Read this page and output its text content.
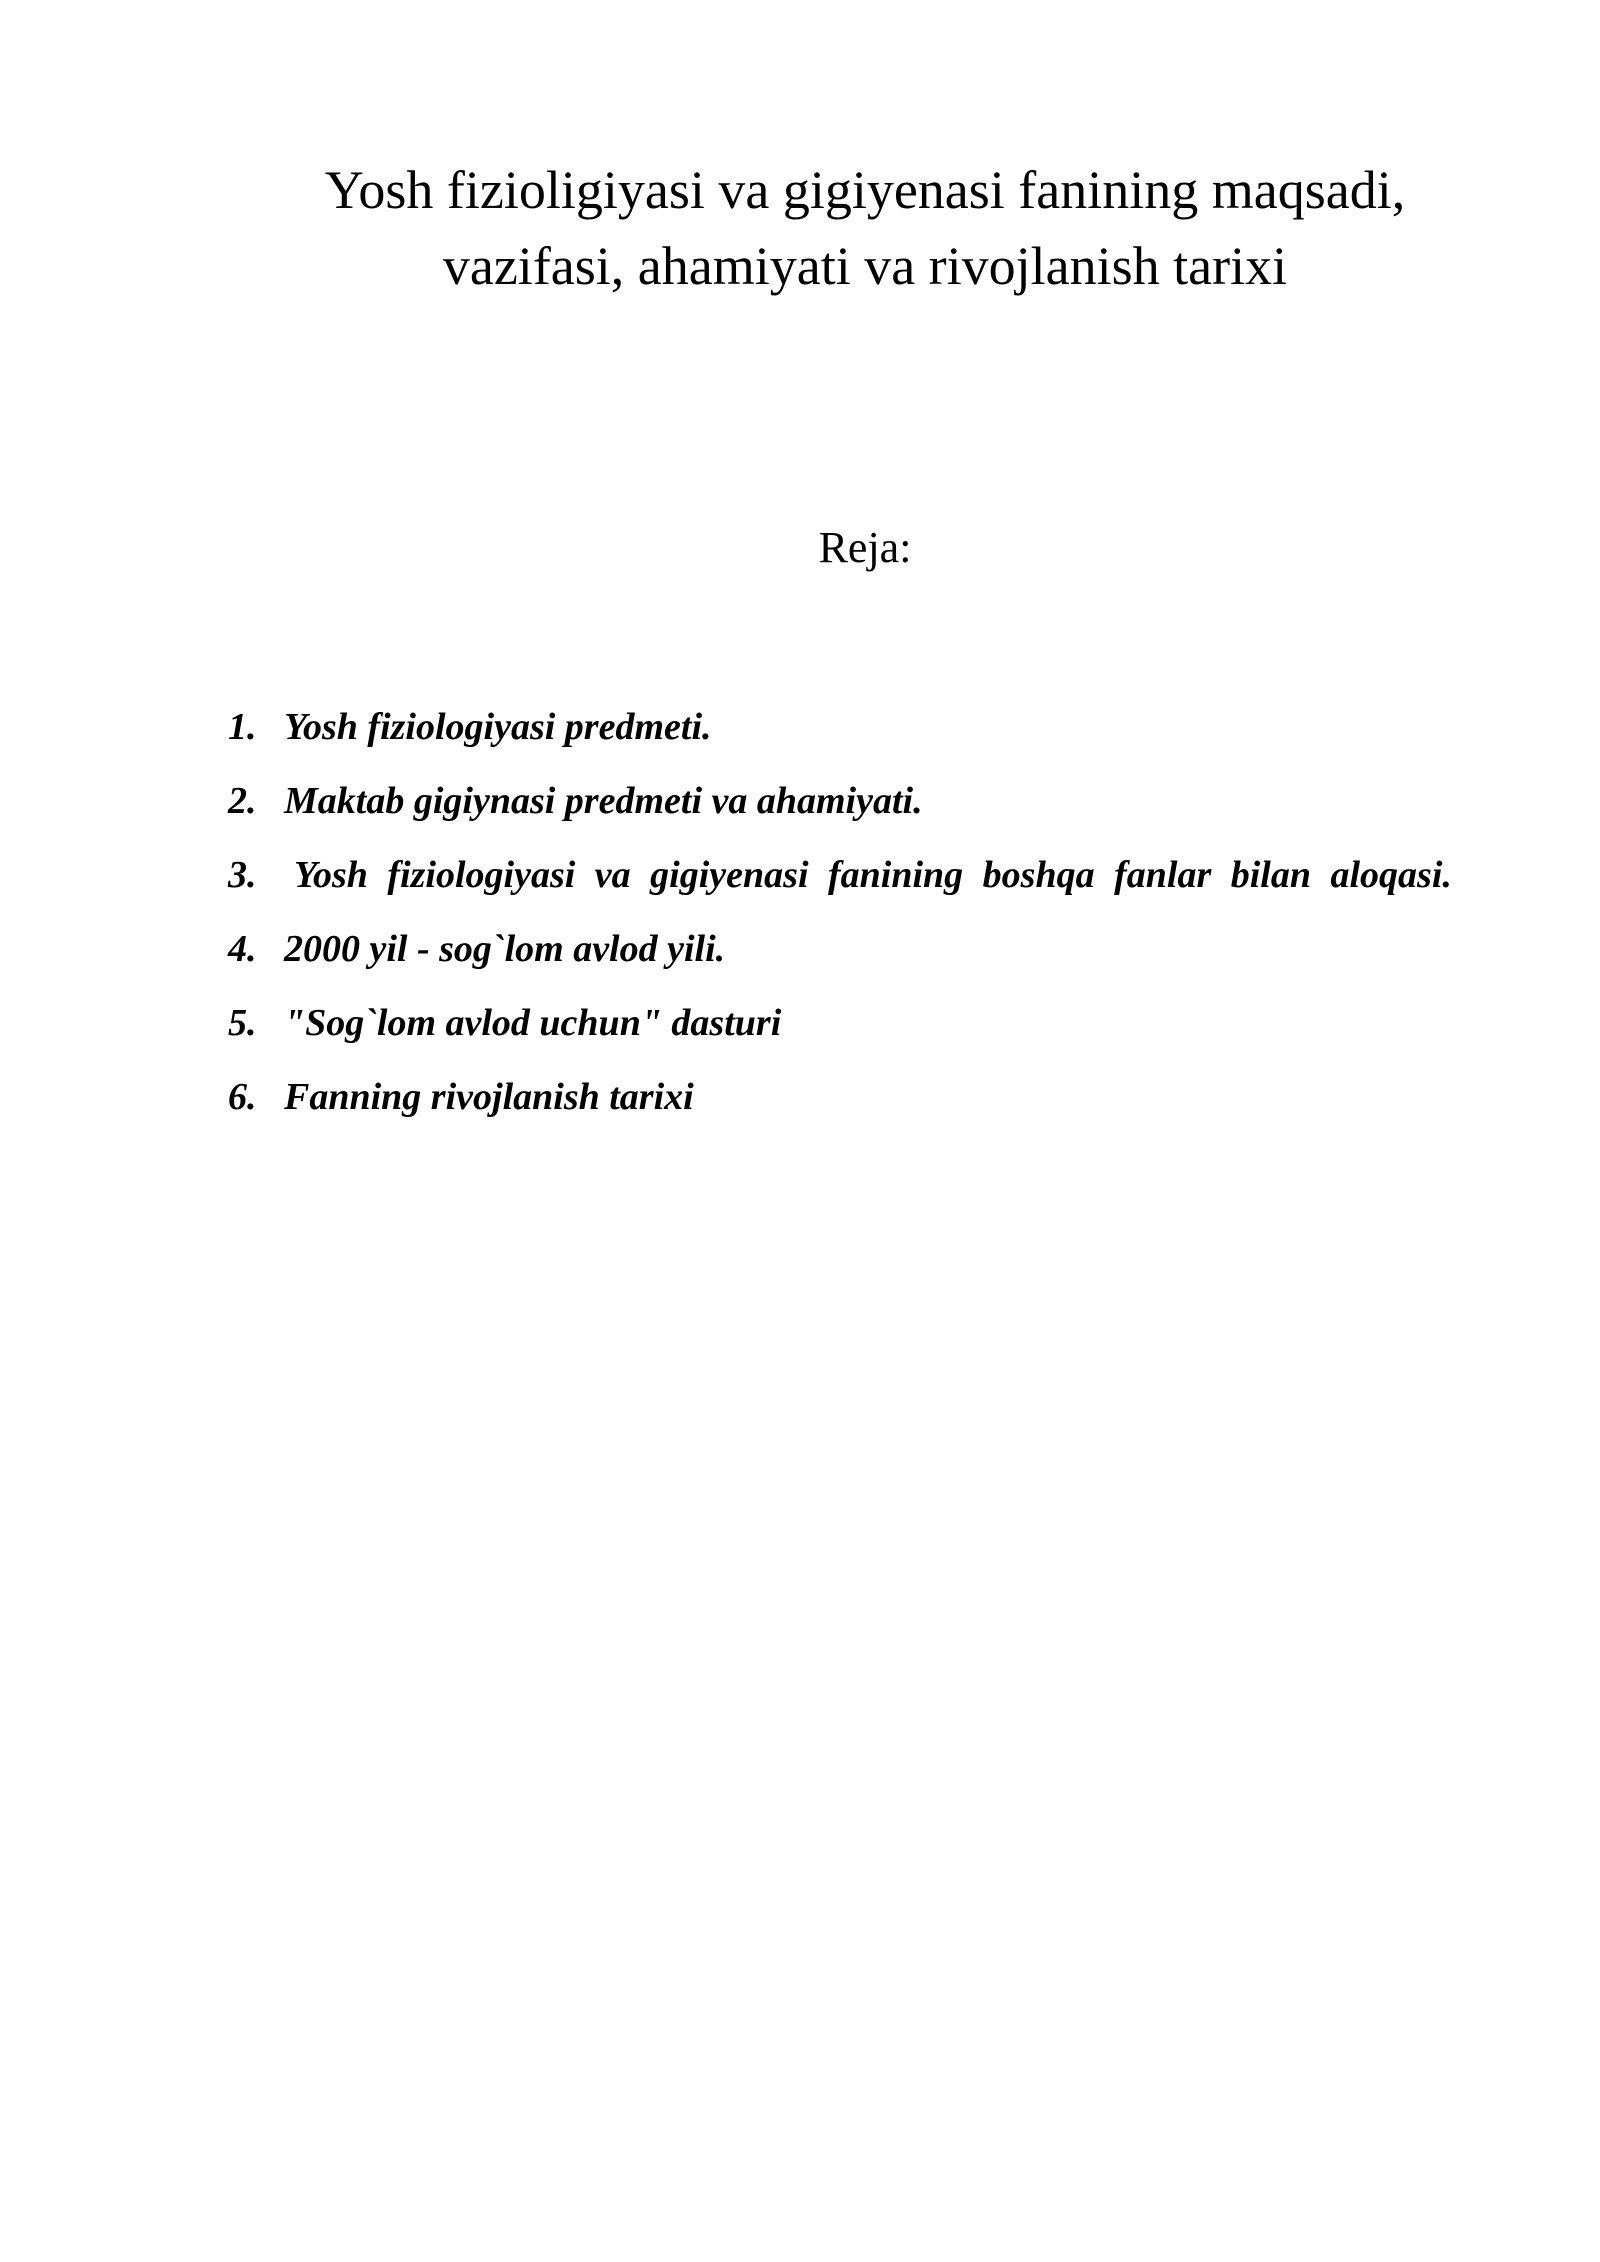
Yosh fizioligiyasi va gigiyenasi fanining maqsadi,
vazifasi, ahamiyati va rivojlanish tarixi
Reja:
1. Yosh fiziologiyasi predmeti.
2. Maktab gigiynasi predmeti va ahamiyati.
3. Yosh fiziologiyasi va gigiyenasi fanining boshqa fanlar bilan aloqasi.
4. 2000 yil - sog`lom avlod yili.
5. "Sog`lom avlod uchun" dasturi
6. Fanning rivojlanish tarixi
